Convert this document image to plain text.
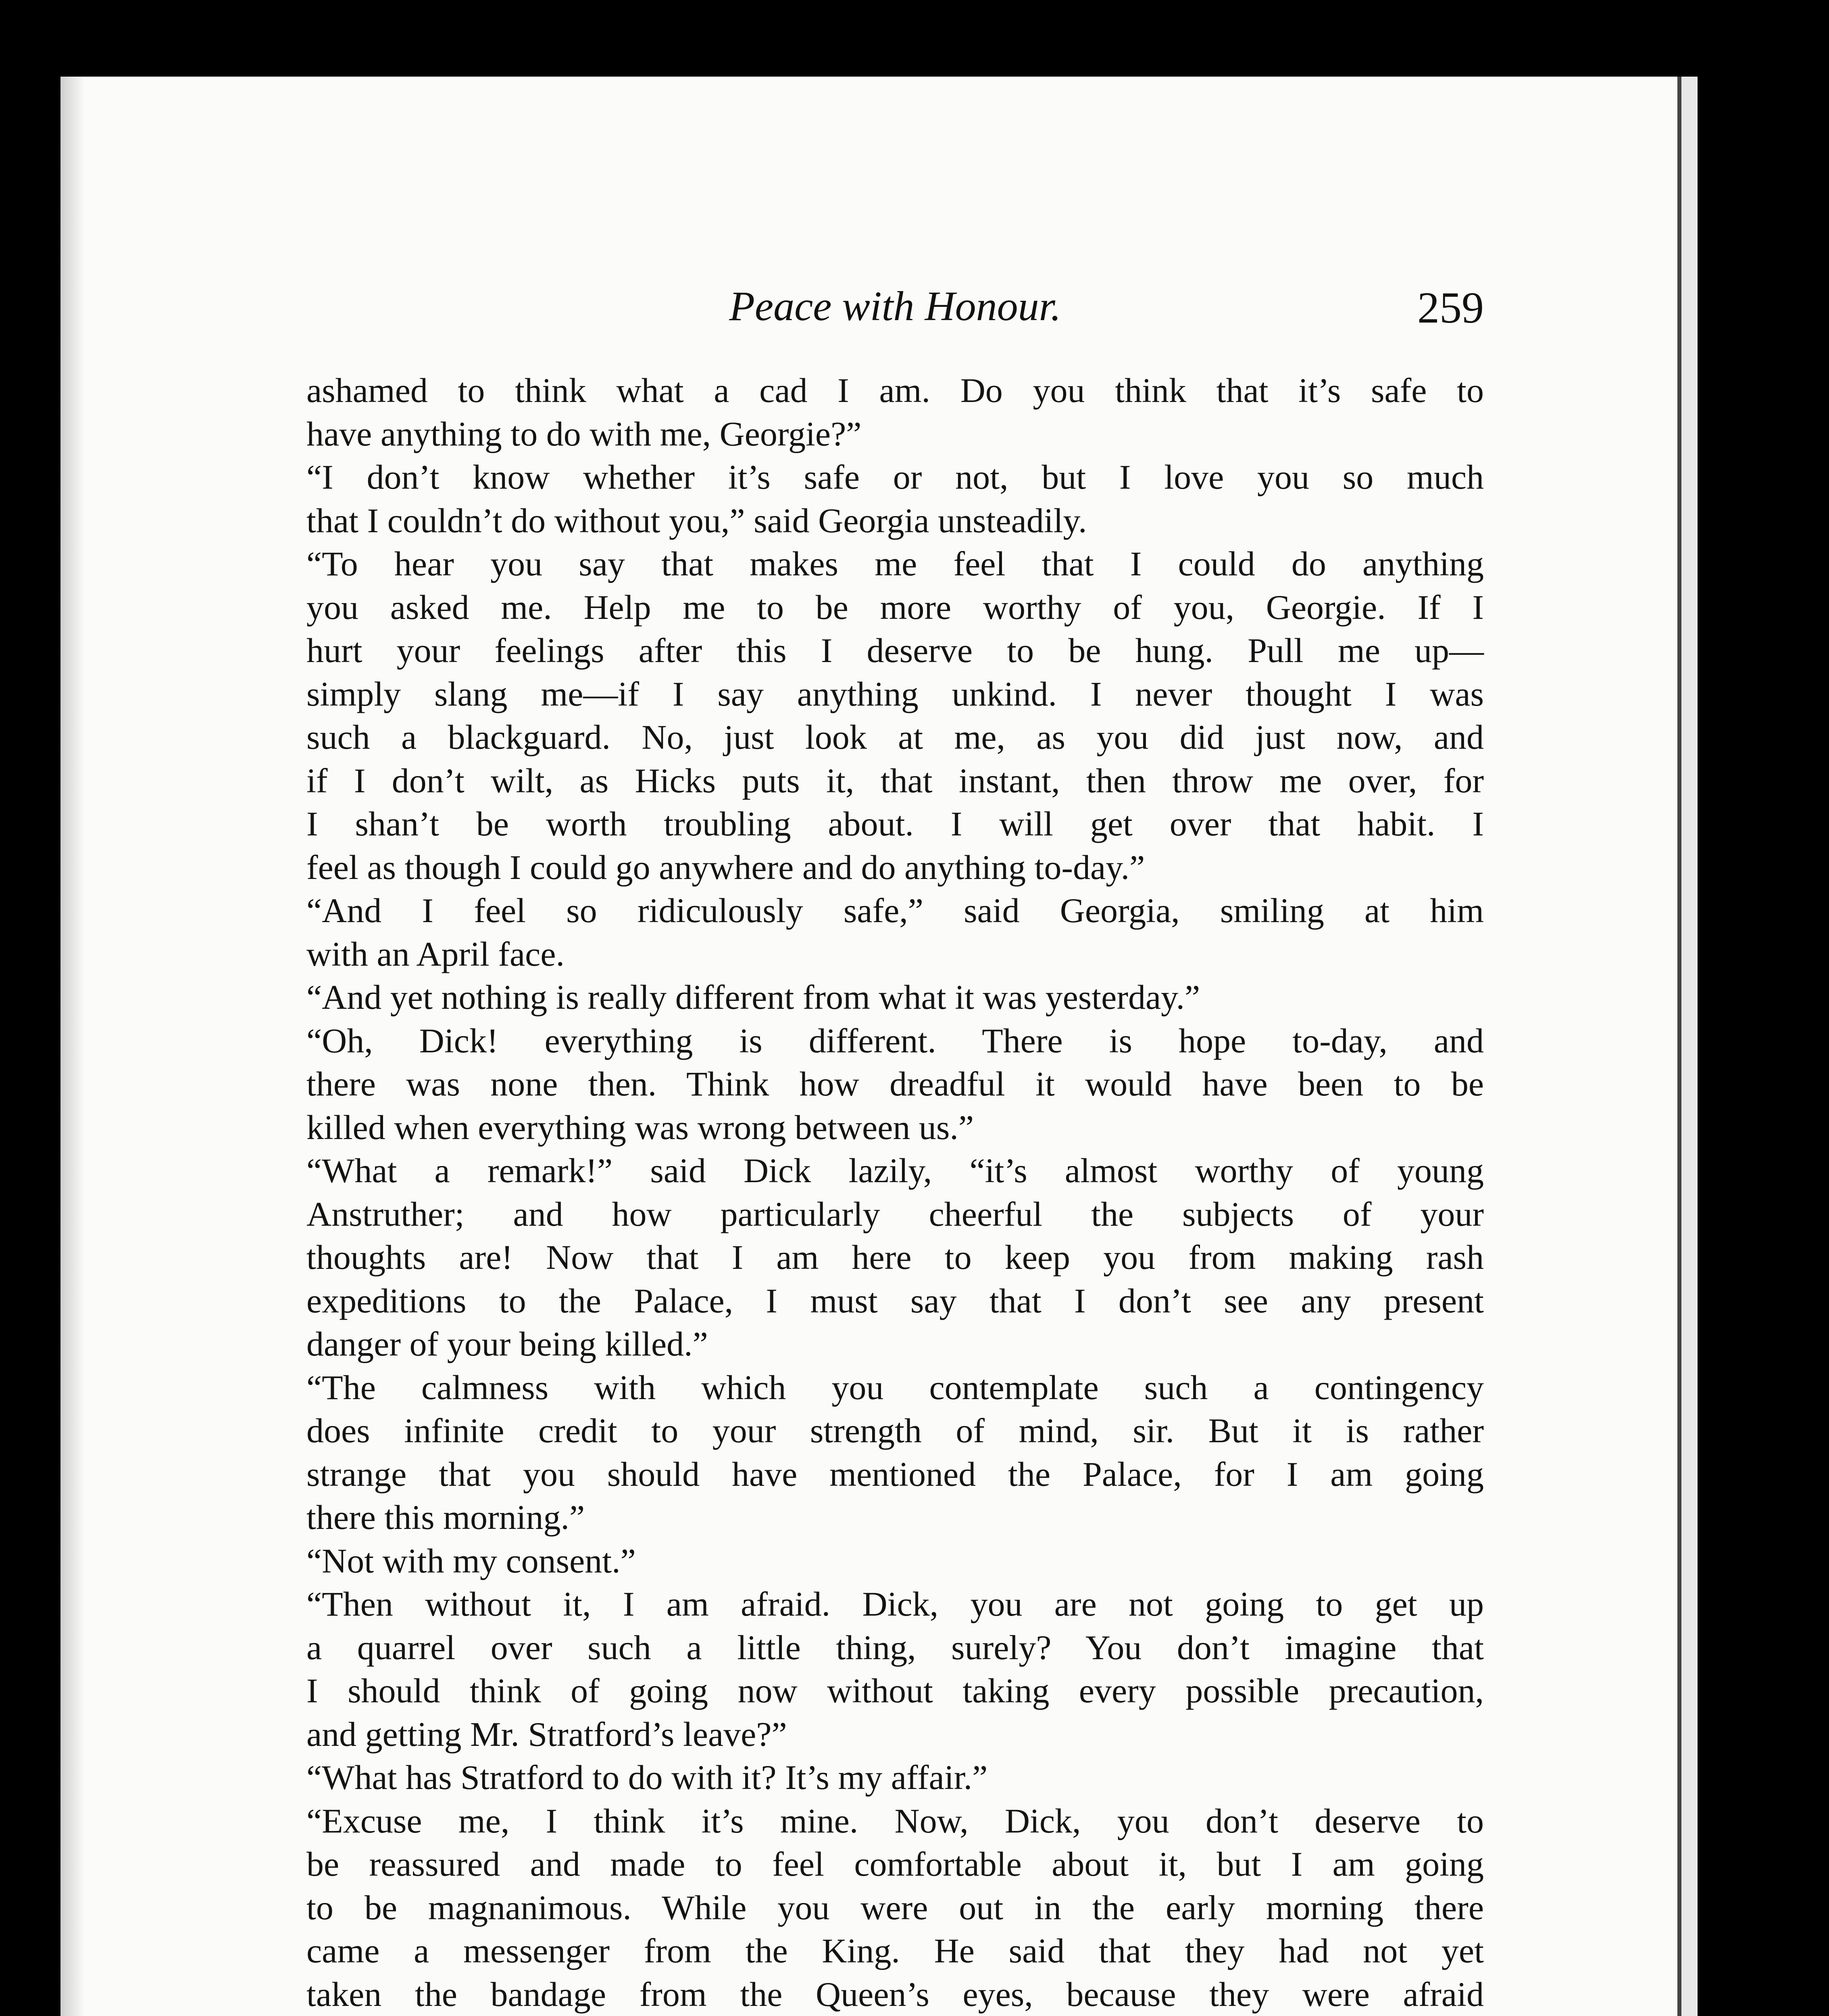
Peace with Honour.	259
ashamed to think what a cad I am. Do you think that it’s safe to
have anything to do with me, Georgie?”
“I don’t know whether it’s safe or not, but I love you so much
that I couldn’t do without you,” said Georgia unsteadily.
“To hear you say that makes me feel that I could do anything
you asked me. Help me to be more worthy of you, Georgie. If I
hurt your feelings after this I deserve to be hung. Pull me up—
simply slang me—if I say anything unkind. I never thought I was
such a blackguard. No, just look at me, as you did just now, and
if I don’t wilt, as Hicks puts it, that instant, then throw me over, for
I shan’t be worth troubling about. I will get over that habit. I
feel as though I could go anywhere and do anything to-day.”
“And I feel so ridiculously safe,” said Georgia, smiling at him
with an April face.
“And yet nothing is really different from what it was yesterday.”
“Oh, Dick! everything is different. There is hope to-day, and
there was none then. Think how dreadful it would have been to be
killed when everything was wrong between us.”
“What a remark!” said Dick lazily, “it’s almost worthy of young
Anstruther; and how particularly cheerful the subjects of your
thoughts are! Now that I am here to keep you from making rash
expeditions to the Palace, I must say that I don’t see any present
danger of your being killed.”
“The calmness with which you contemplate such a contingency
does infinite credit to your strength of mind, sir. But it is rather
strange that you should have mentioned the Palace, for I am going
there this morning.”
“Not with my consent.”
“Then without it, I am afraid. Dick, you are not going to get up
a quarrel over such a little thing, surely? You don’t imagine that
I should think of going now without taking every possible precaution,
and getting Mr. Stratford’s leave?”
“What has Stratford to do with it? It’s my affair.”
“Excuse me, I think it’s mine. Now, Dick, you don’t deserve to
be reassured and made to feel comfortable about it, but I am going
to be magnanimous. While you were out in the early morning there
came a messenger from the King. He said that they had not yet
taken the bandage from the Queen’s eyes, because they were afraid
